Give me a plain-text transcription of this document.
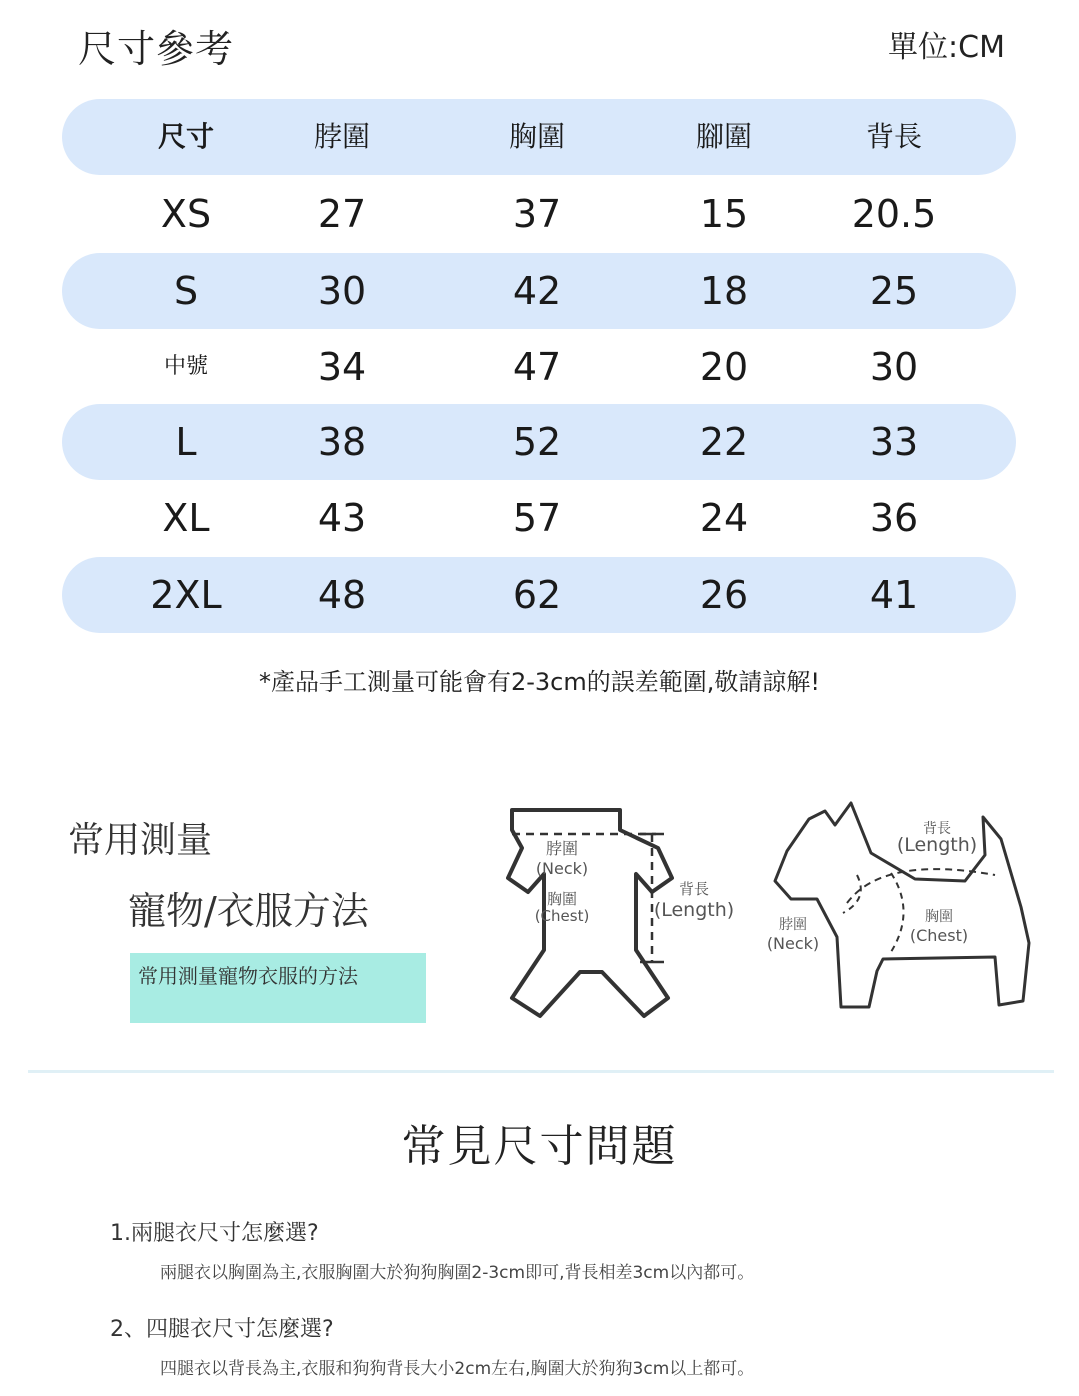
尺寸參考	單位:CM
尺寸	脖圍	胸圍	腳圍	背長
XS	27	37	15	20.5
S	30	42	18	25
中號	34	47	20	30
L	38	52	22	33
XL	43	57	24	36
2XL	48	62	26	41
*產品手工測量可能會有2-3cm的誤差範圍,敬請諒解!
常用測量
寵物/衣服方法
常用測量寵物衣服的方法
脖圍
(Neck)
胸圍
(Chest)
背長
(Length)
背長
(Length)
脖圍
(Neck)
胸圍
(Chest)
常見尺寸問題
1.兩腿衣尺寸怎麼選?
兩腿衣以胸圍為主,衣服胸圍大於狗狗胸圍2-3cm即可,背長相差3cm以內都可。
2、四腿衣尺寸怎麼選?
四腿衣以背長為主,衣服和狗狗背長大小2cm左右,胸圍大於狗狗3cm以上都可。
